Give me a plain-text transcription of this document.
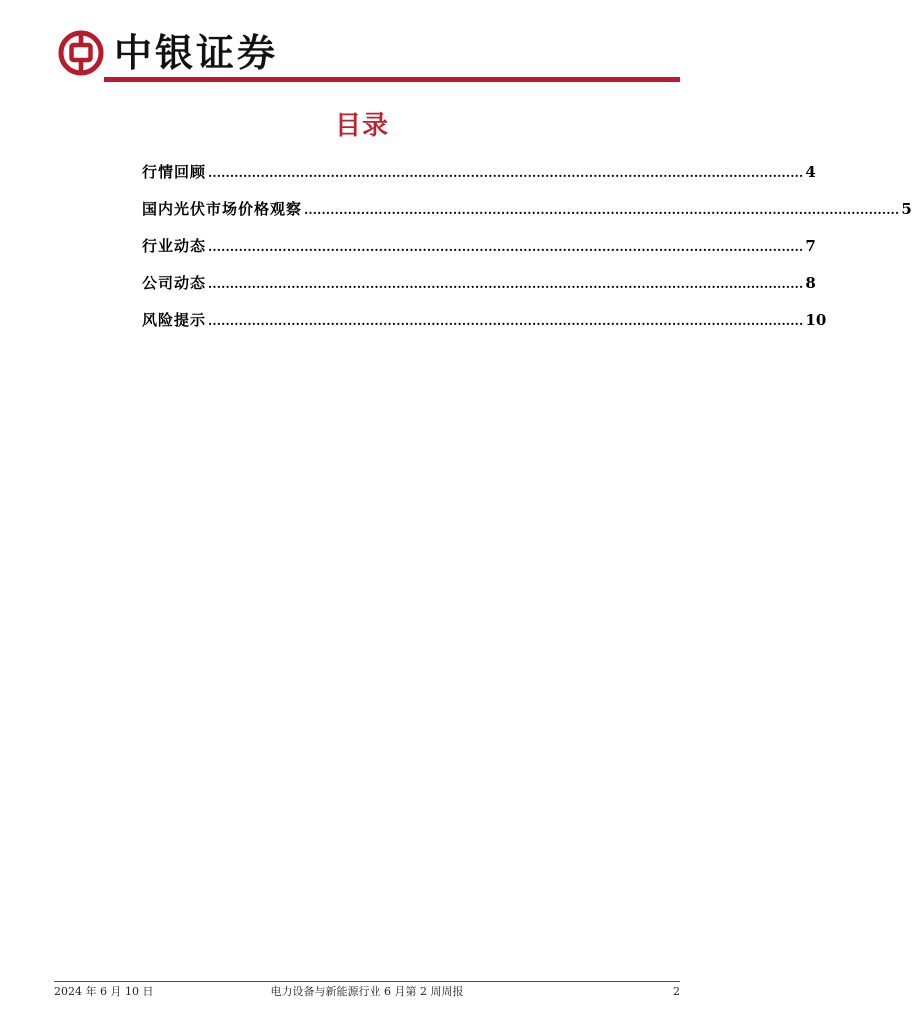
中银证券
目录
行情回顾 ........................................................................................................................................ 4
国内光伏市场价格观察 ........................................................................................................................................ 5
行业动态 ........................................................................................................................................ 7
公司动态 ........................................................................................................................................ 8
风险提示 ........................................................................................................................................ 10
2024 年 6 月 10 日	电力设备与新能源行业 6 月第 2 周周报	2
